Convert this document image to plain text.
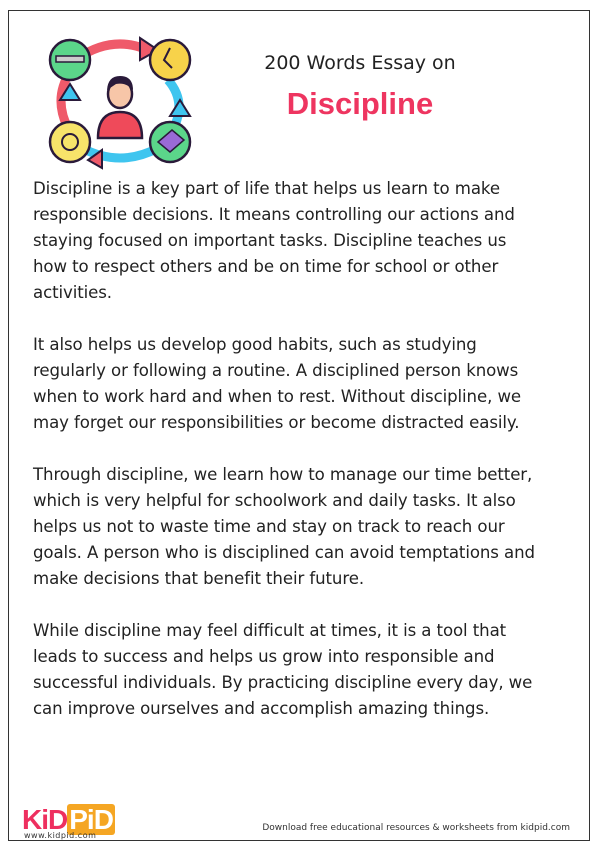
200 Words Essay on
Discipline

Discipline is a key part of life that helps us learn to make
responsible decisions. It means controlling our actions and
staying focused on important tasks. Discipline teaches us
how to respect others and be on time for school or other
activities.

It also helps us develop good habits, such as studying
regularly or following a routine. A disciplined person knows
when to work hard and when to rest. Without discipline, we
may forget our responsibilities or become distracted easily.

Through discipline, we learn how to manage our time better,
which is very helpful for schoolwork and daily tasks. It also
helps us not to waste time and stay on track to reach our
goals. A person who is disciplined can avoid temptations and
make decisions that benefit their future.

While discipline may feel difficult at times, it is a tool that
leads to success and helps us grow into responsible and
successful individuals. By practicing discipline every day, we
can improve ourselves and accomplish amazing things.

KiDPiD
www.kidpid.com
Download free educational resources & worksheets from kidpid.com
